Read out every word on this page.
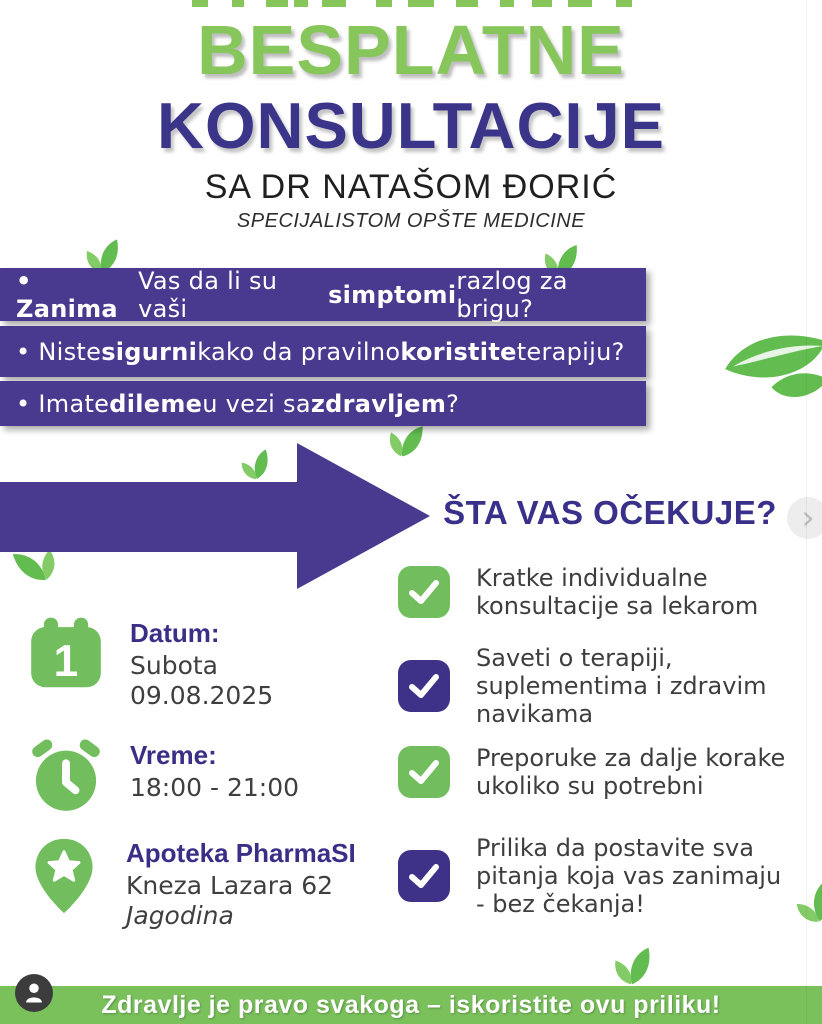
BESPLATNE
KONSULTACIJE
SA DR NATAŠOM ĐORIĆ
SPECIJALISTOM OPŠTE MEDICINE
• Zanima
Vas da li su vaši	simptomi razlog za brigu?
• Niste sigurni kako da pravilno koristite terapiju?
• Imate dileme u vezi sa zdravljem ?
ŠTA VAS OČEKUJE? ›
Kratke individualne
konsultacije sa lekarom
Saveti o terapiji,
suplementima i zdravim
navikama
Preporuke za dalje korake
ukoliko su potrebni
Prilika da postavite sva
pitanja koja vas zanimaju
- bez čekanja!
1
Datum:
Subota
09.08.2025
Vreme:
18:00 - 21:00
Apoteka PharmaSI
Kneza Lazara 62
Jagodina
Zdravlje je pravo svakoga – iskoristite ovu priliku!
